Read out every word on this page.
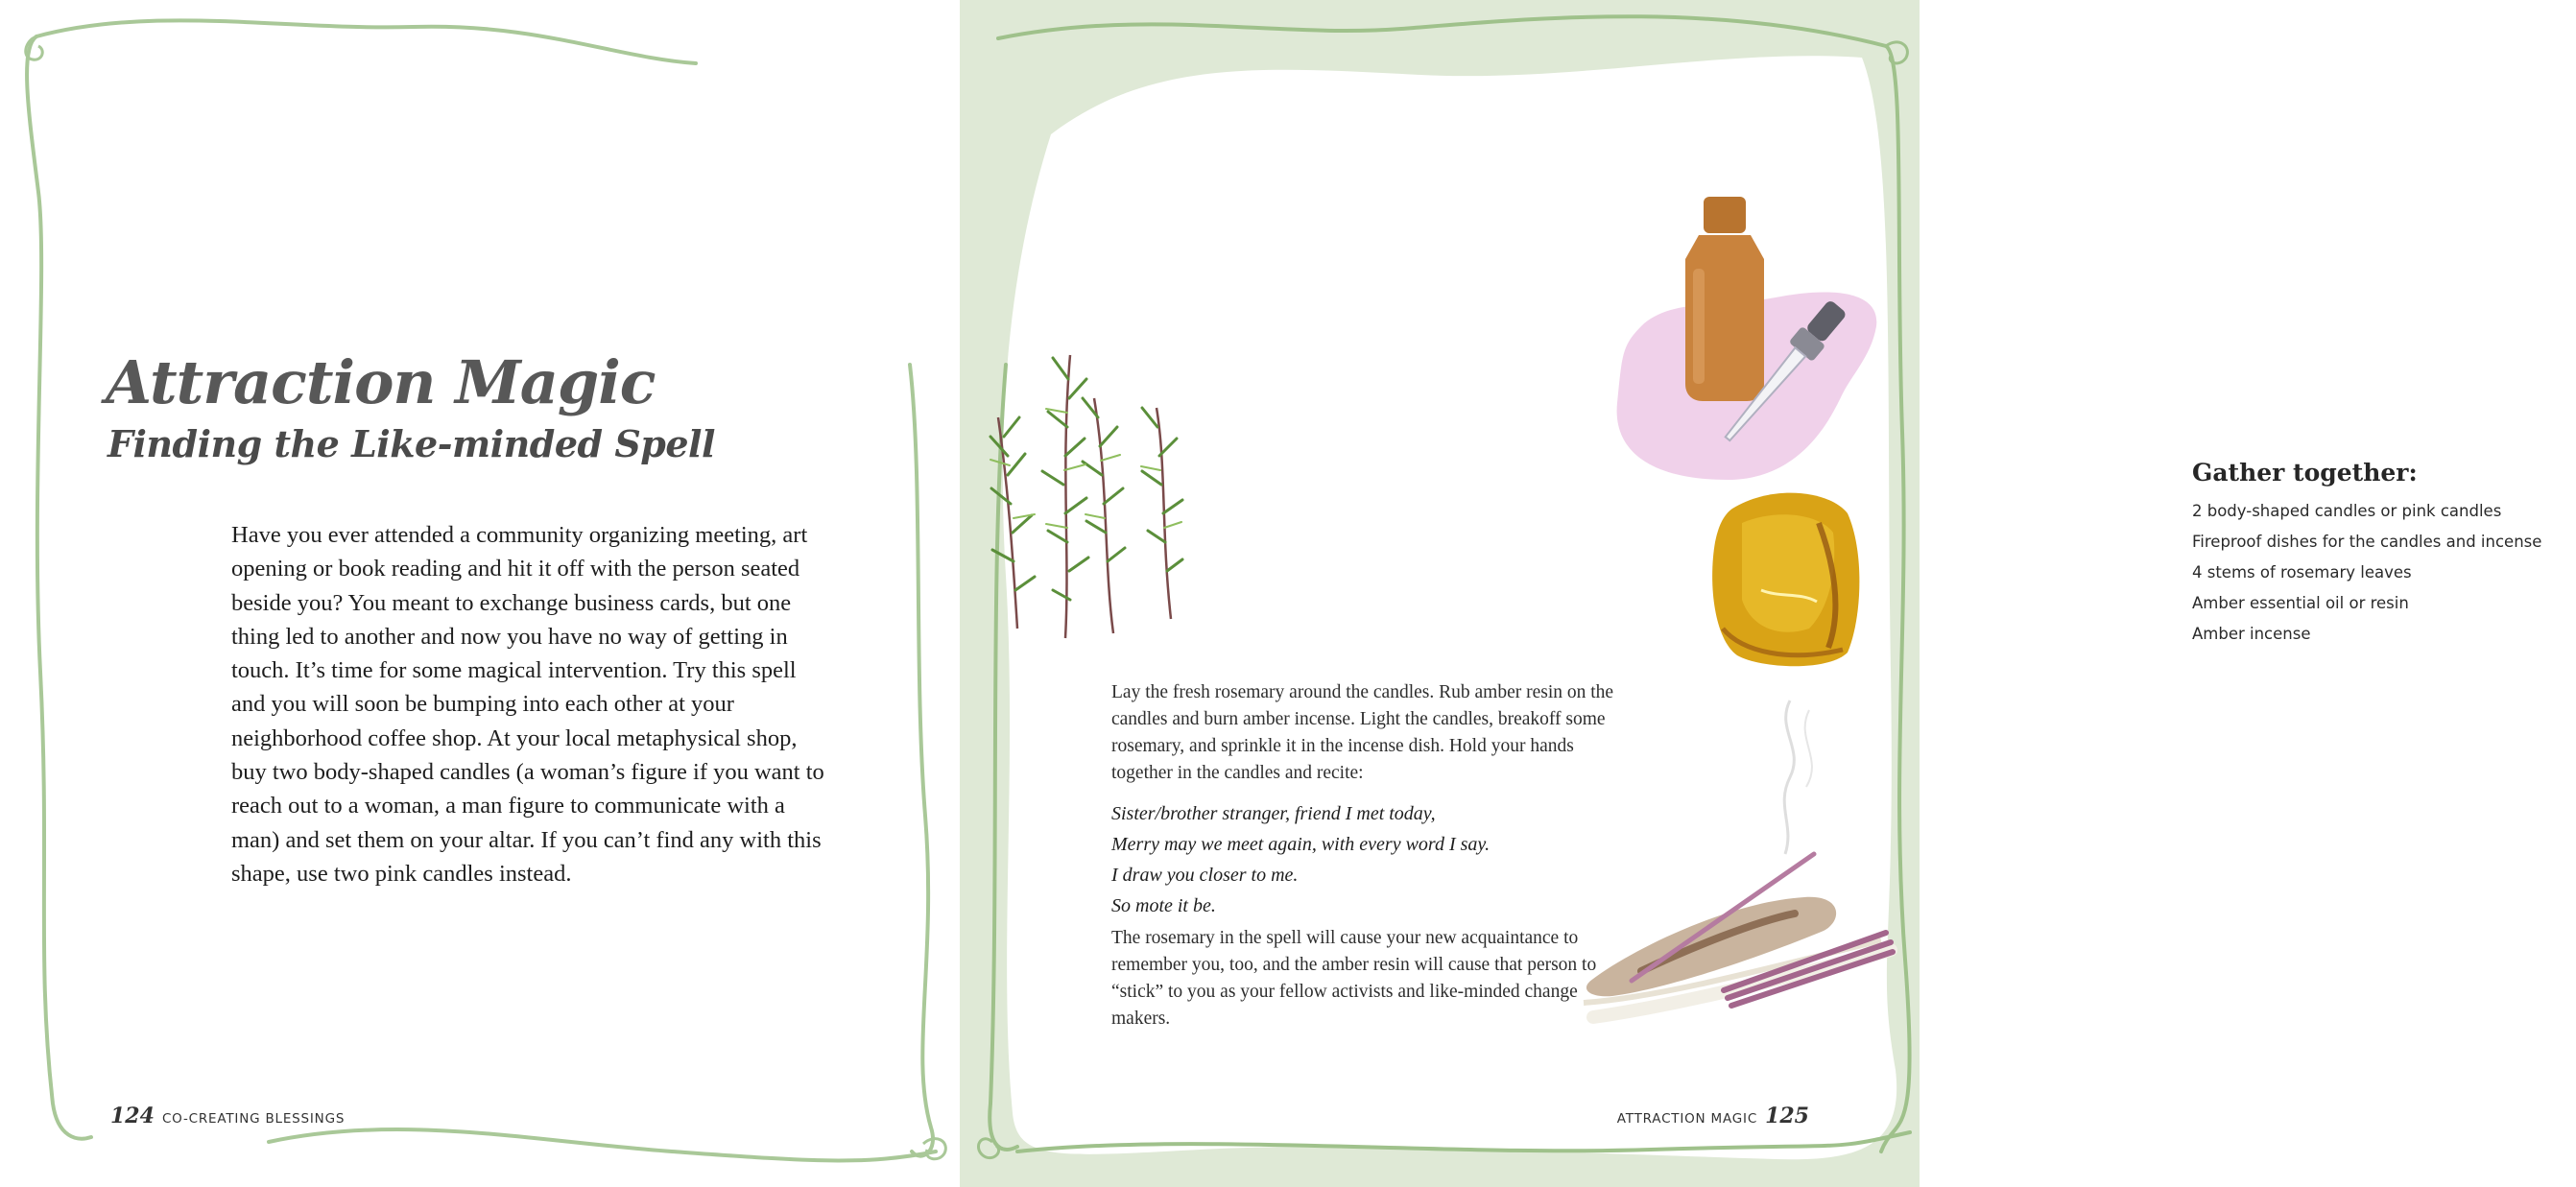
Attraction Magic
Finding the Like-minded Spell

Have you ever attended a community organizing meeting, art opening or book reading and hit it off with the person seated beside you? You meant to exchange business cards, but one thing led to another and now you have no way of getting in touch. It’s time for some magical intervention. Try this spell and you will soon be bumping into each other at your neighborhood coffee shop. At your local metaphysical shop, buy two body-shaped candles (a woman’s figure if you want to reach out to a woman, a man figure to communicate with a man) and set them on your altar. If you can’t find any with this shape, use two pink candles instead.

124 CO-CREATING BLESSINGS
Gather together:
2 body-shaped candles or pink candles
Fireproof dishes for the candles and incense
4 stems of rosemary leaves
Amber essential oil or resin
Amber incense

Lay the fresh rosemary around the candles. Rub amber resin on the candles and burn amber incense. Light the candles, breakoff some rosemary, and sprinkle it in the incense dish. Hold your hands together in the candles and recite:

Sister/brother stranger, friend I met today,

Merry may we meet again, with every word I say.

I draw you closer to me.

So mote it be.

The rosemary in the spell will cause your new acquaintance to remember you, too, and the amber resin will cause that person to “stick” to you as your fellow activists and like-minded change makers.

ATTRACTION MAGIC 125
